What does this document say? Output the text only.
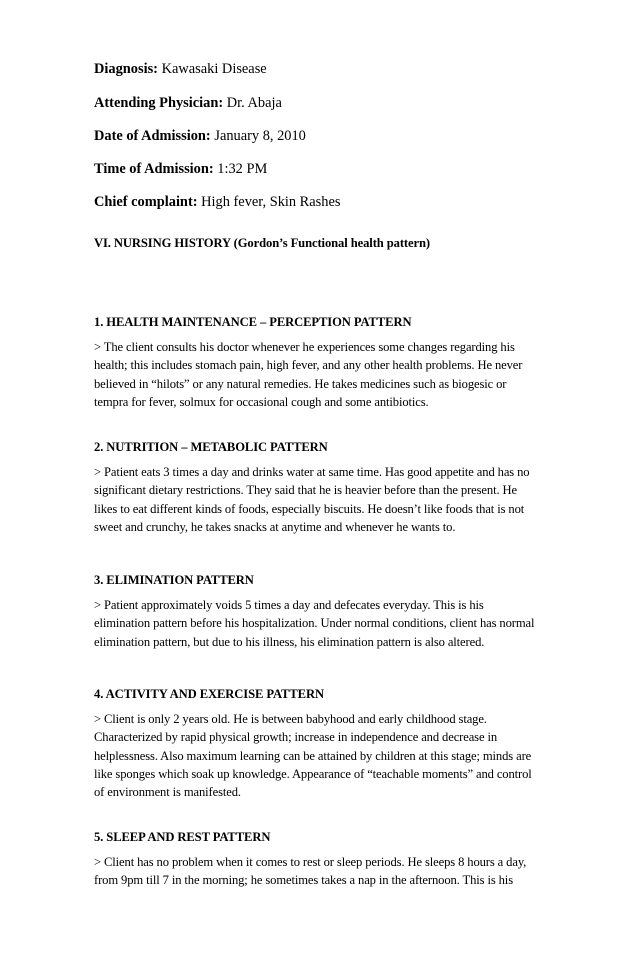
Diagnosis: Kawasaki Disease
Attending Physician: Dr. Abaja
Date of Admission: January 8, 2010
Time of Admission: 1:32 PM
Chief complaint: High fever, Skin Rashes
VI. NURSING HISTORY (Gordon’s Functional health pattern)
1. HEALTH MAINTENANCE – PERCEPTION PATTERN
> The client consults his doctor whenever he experiences some changes regarding his
health; this includes stomach pain, high fever, and any other health problems. He never
believed in “hilots” or any natural remedies. He takes medicines such as biogesic or
tempra for fever, solmux for occasional cough and some antibiotics.
2. NUTRITION – METABOLIC PATTERN
> Patient eats 3 times a day and drinks water at same time. Has good appetite and has no
significant dietary restrictions. They said that he is heavier before than the present. He
likes to eat different kinds of foods, especially biscuits. He doesn’t like foods that is not
sweet and crunchy, he takes snacks at anytime and whenever he wants to.
3. ELIMINATION PATTERN
> Patient approximately voids 5 times a day and defecates everyday. This is his
elimination pattern before his hospitalization. Under normal conditions, client has normal
elimination pattern, but due to his illness, his elimination pattern is also altered.
4. ACTIVITY AND EXERCISE PATTERN
> Client is only 2 years old. He is between babyhood and early childhood stage.
Characterized by rapid physical growth; increase in independence and decrease in
helplessness. Also maximum learning can be attained by children at this stage; minds are
like sponges which soak up knowledge. Appearance of “teachable moments” and control
of environment is manifested.
5. SLEEP AND REST PATTERN
> Client has no problem when it comes to rest or sleep periods. He sleeps 8 hours a day,
from 9pm till 7 in the morning; he sometimes takes a nap in the afternoon. This is his
